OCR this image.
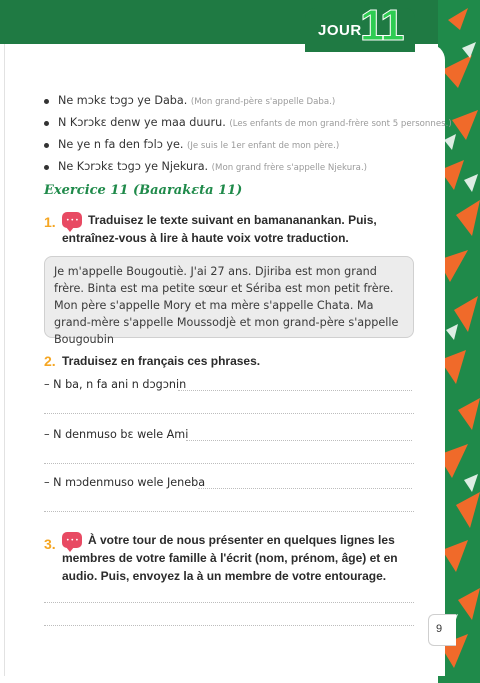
JOUR
11
Ne mɔkɛ tɔgɔ ye Daba. (Mon grand-père s'appelle Daba.)
N Kɔrɔkɛ denw ye maa duuru. (Les enfants de mon grand-frère sont 5 personnes.)
Ne ye n fa den fɔlɔ ye. (Je suis le 1er enfant de mon père.)
Ne Kɔrɔkɛ tɔgɔ ye Njekura. (Mon grand frère s'appelle Njekura.)
Exercice 11 (Baarakɛta 11)
1. ••• Traduisez le texte suivant en bamananankan. Puis, entraînez-vous à lire à haute voix votre traduction.
Je m'appelle Bougoutiè. J'ai 27 ans. Djiriba est mon grand frère. Binta est ma petite sœur et Sériba est mon petit frère. Mon père s'appelle Mory et ma mère s'appelle Chata. Ma grand-mère s'appelle Moussodjè et mon grand-père s'appelle Bougoubin
2. Traduisez en français ces phrases.
– N ba, n fa ani n dɔgɔnin
– N denmuso bɛ wele Ami
– N mɔdenmuso wele Jeneba
3. ••• À votre tour de nous présenter en quelques lignes les membres de votre famille à l'écrit (nom, prénom, âge) et en audio. Puis, envoyez la à un membre de votre entourage.
9
